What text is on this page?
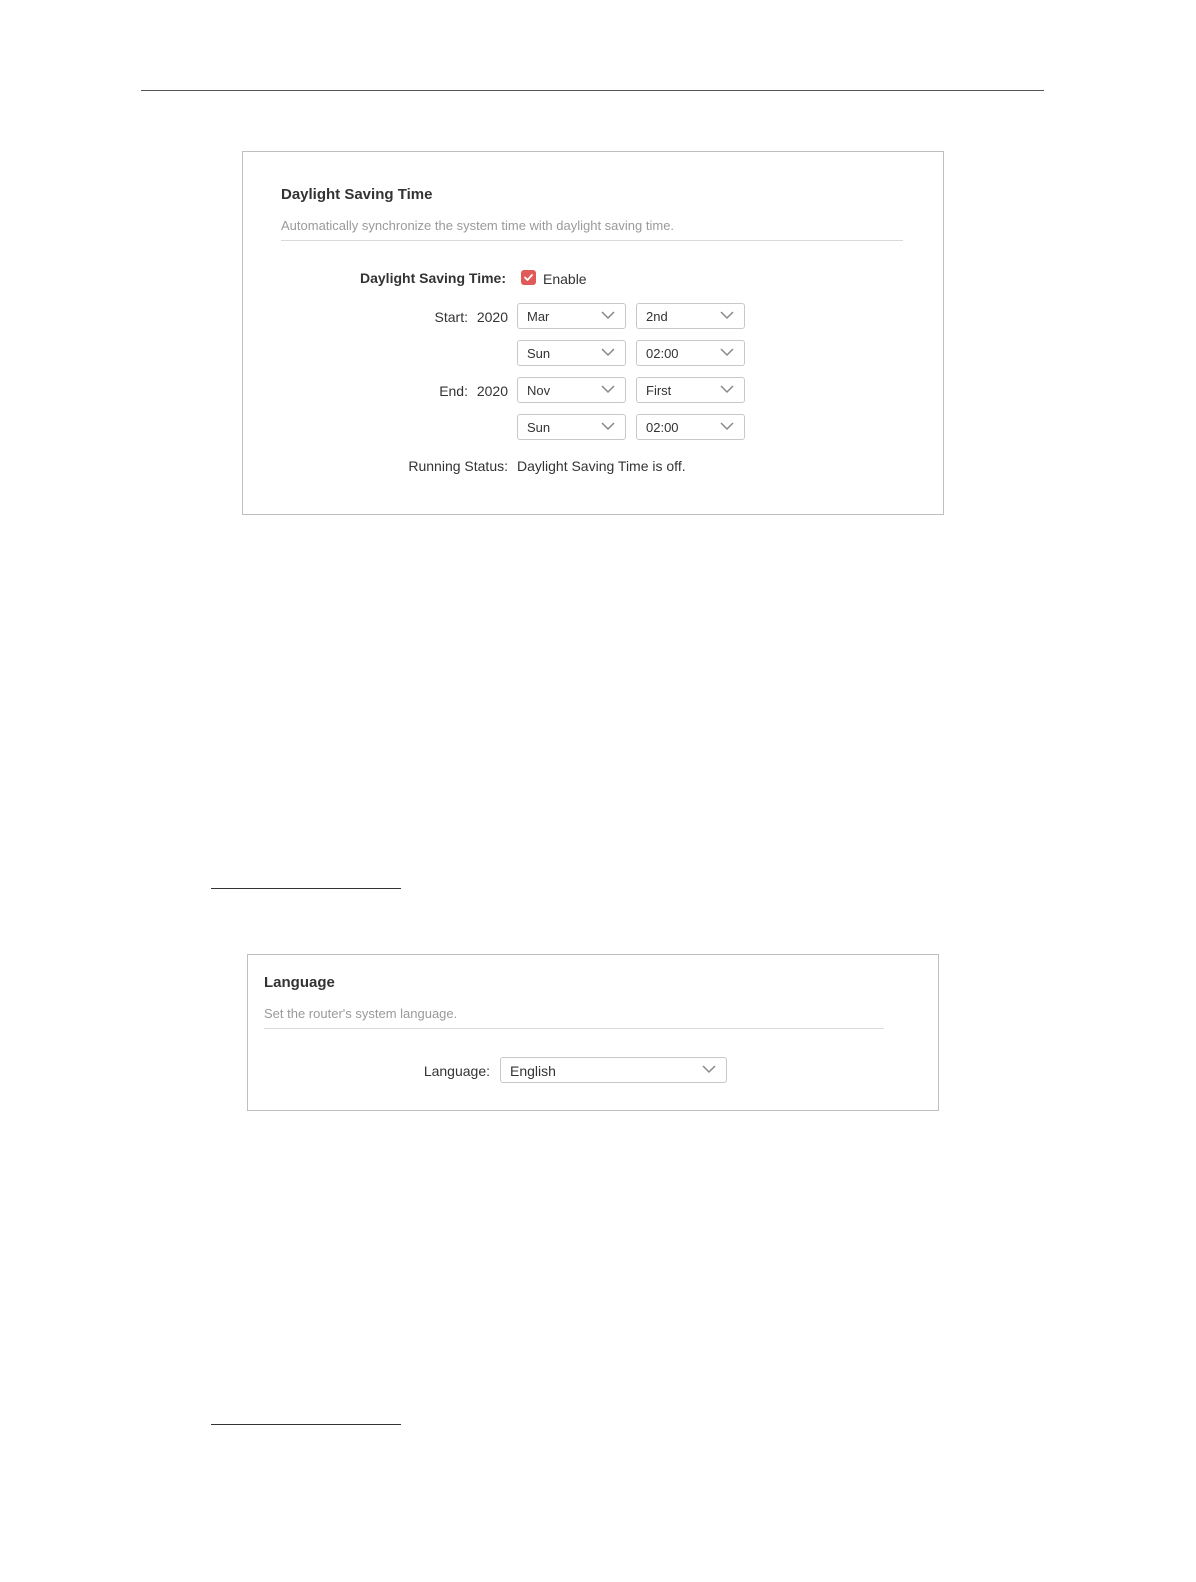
Daylight Saving Time
Automatically synchronize the system time with daylight saving time.
Daylight Saving Time:	Enable
Start: 2020 Mar	2nd
Sun	02:00
End: 2020 Nov	First
Sun	02:00
Running Status: Daylight Saving Time is off.
Language
Set the router's system language.
Language: English
